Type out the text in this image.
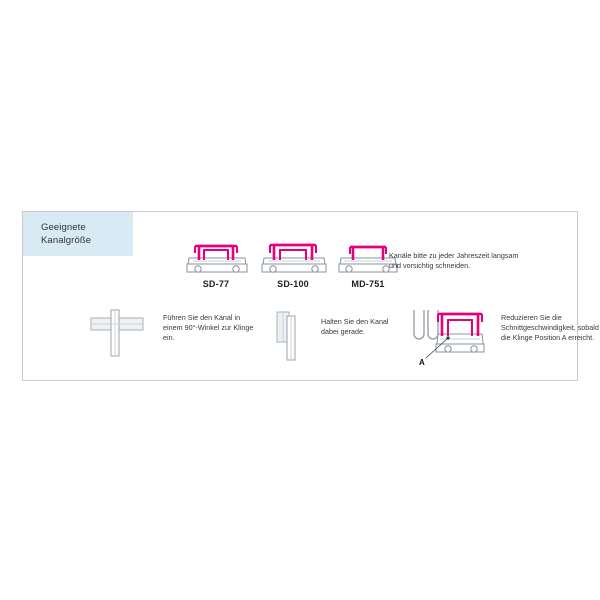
Geeignete
Kanalgröße
SD-77	SD-100	MD-751
Kanäle bitte zu jeder Jahreszeit langsam und vorsichtig schneiden.
Führen Sie den Kanal in einem 90°-Winkel zur Klinge ein.
Halten Sie den Kanal dabei gerade.
A
Reduzieren Sie die Schnittgeschwindigkeit, sobald die Klinge Position A erreicht.
